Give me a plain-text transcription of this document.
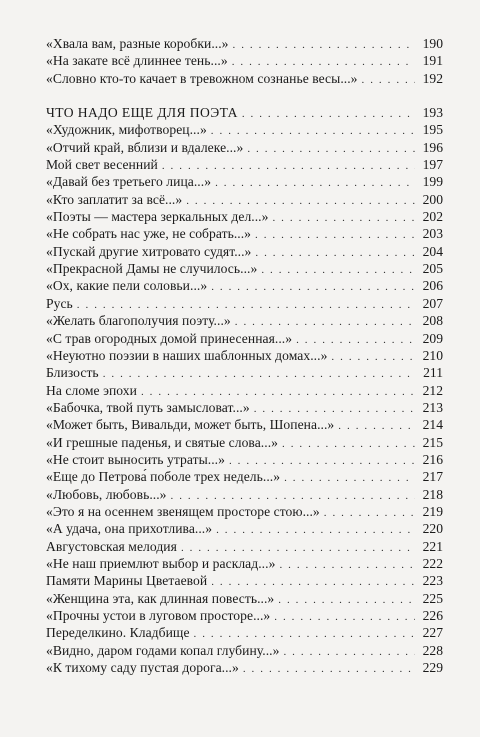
«Хвала вам, разные коробки...» . . .	190
«На закате всё длиннее тень...» . . .	191
«Словно кто-то качает в тревожном сознанье весы...» . . .	192
ЧТО НАДО ЕЩЕ ДЛЯ ПОЭТА . . .	193
«Художник, мифотворец...» . . .	195
«Отчий край, вблизи и вдалеке...» . . .	196
Мой свет весенний . . .	197
«Давай без третьего лица...» . . .	199
«Кто заплатит за всё...» . . .	200
«Поэты — мастера зеркальных дел...» . . .	202
«Не собрать нас уже, не собрать...» . . .	203
«Пускай другие хитровато судят...» . . .	204
«Прекрасной Дамы не случилось...» . . .	205
«Ох, какие пели соловьи...» . . .	206
Русь . . .	207
«Желать благополучия поэту...» . . .	208
«С трав огородных домой принесенная...» . . .	209
«Неуютно поэзии в наших шаблонных домах...» . . .	210
Близость . . .	211
На сломе эпохи . . .	212
«Бабочка, твой путь замысловат...» . . .	213
«Может быть, Вивальди, может быть, Шопена...» . . .	214
«И грешные паденья, и святые слова...» . . .	215
«Не стоит выносить утраты...» . . .	216
«Еще до Петрова́ поболе трех недель...» . . .	217
«Любовь, любовь...» . . .	218
«Это я на осеннем звенящем просторе стою...» . . .	219
«А удача, она прихотлива...» . . .	220
Августовская мелодия . . .	221
«Не наш приемлют выбор и расклад...» . . .	222
Памяти Марины Цветаевой . . .	223
«Женщина эта, как длинная повесть...» . . .	225
«Прочны устои в луговом просторе...» . . .	226
Переделкино. Кладбище . . .	227
«Видно, даром годами копал глубину...» . . .	228
«К тихому саду пустая дорога...» . . .	229
